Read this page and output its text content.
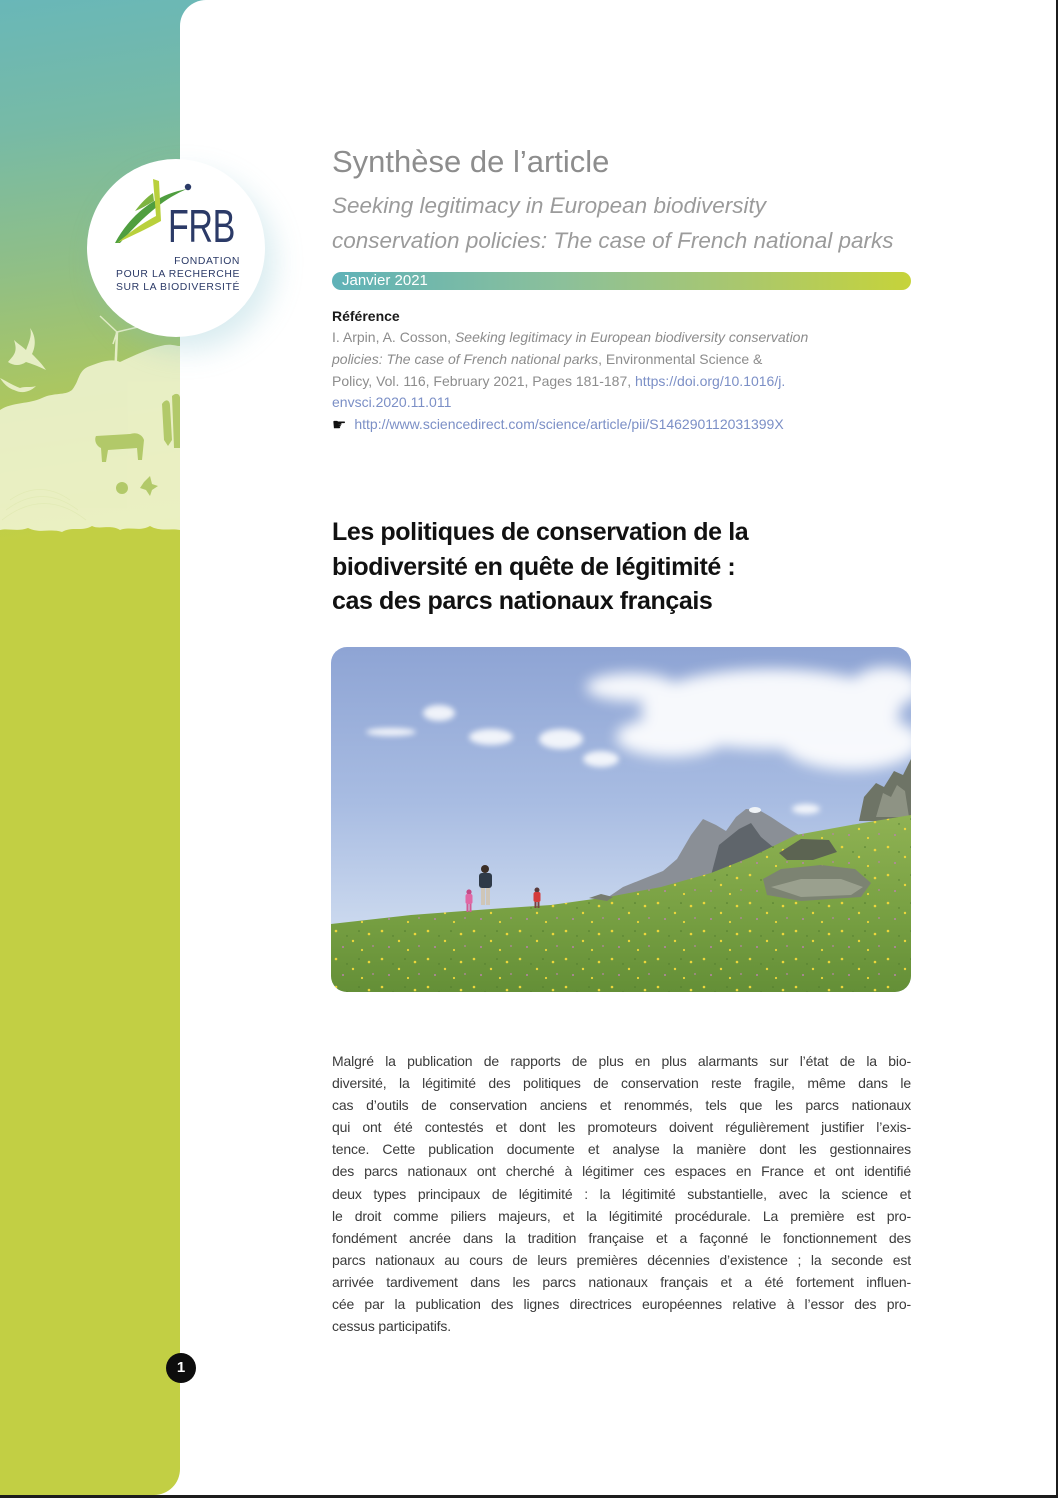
FRB
FONDATION
POUR LA RECHERCHE
SUR LA BIODIVERSITÉ
Synthèse de l’article
Seeking legitimacy in European biodiversity
conservation policies: The case of French national parks
Janvier 2021
Référence
I. Arpin, A. Cosson, Seeking legitimacy in European biodiversity conservation
policies: The case of French national parks, Environmental Science &
Policy, Vol. 116, February 2021, Pages 181-187, https://doi.org/10.1016/j.
envsci.2020.11.011
☛ http://www.sciencedirect.com/science/article/pii/S146290112031399X
Les politiques de conservation de la
biodiversité en quête de légitimité :
cas des parcs nationaux français
Malgré la publication de rapports de plus en plus alarmants sur l’état de la bio-
diversité, la légitimité des politiques de conservation reste fragile, même dans le
cas d’outils de conservation anciens et renommés, tels que les parcs nationaux
qui ont été contestés et dont les promoteurs doivent régulièrement justifier l’exis-
tence. Cette publication documente et analyse la manière dont les gestionnaires
des parcs nationaux ont cherché à légitimer ces espaces en France et ont identifié
deux types principaux de légitimité : la légitimité substantielle, avec la science et
le droit comme piliers majeurs, et la légitimité procédurale. La première est pro-
fondément ancrée dans la tradition française et a façonné le fonctionnement des
parcs nationaux au cours de leurs premières décennies d’existence ; la seconde est
arrivée tardivement dans les parcs nationaux français et a été fortement influen-
cée par la publication des lignes directrices européennes relative à l’essor des pro-
cessus participatifs.
1
